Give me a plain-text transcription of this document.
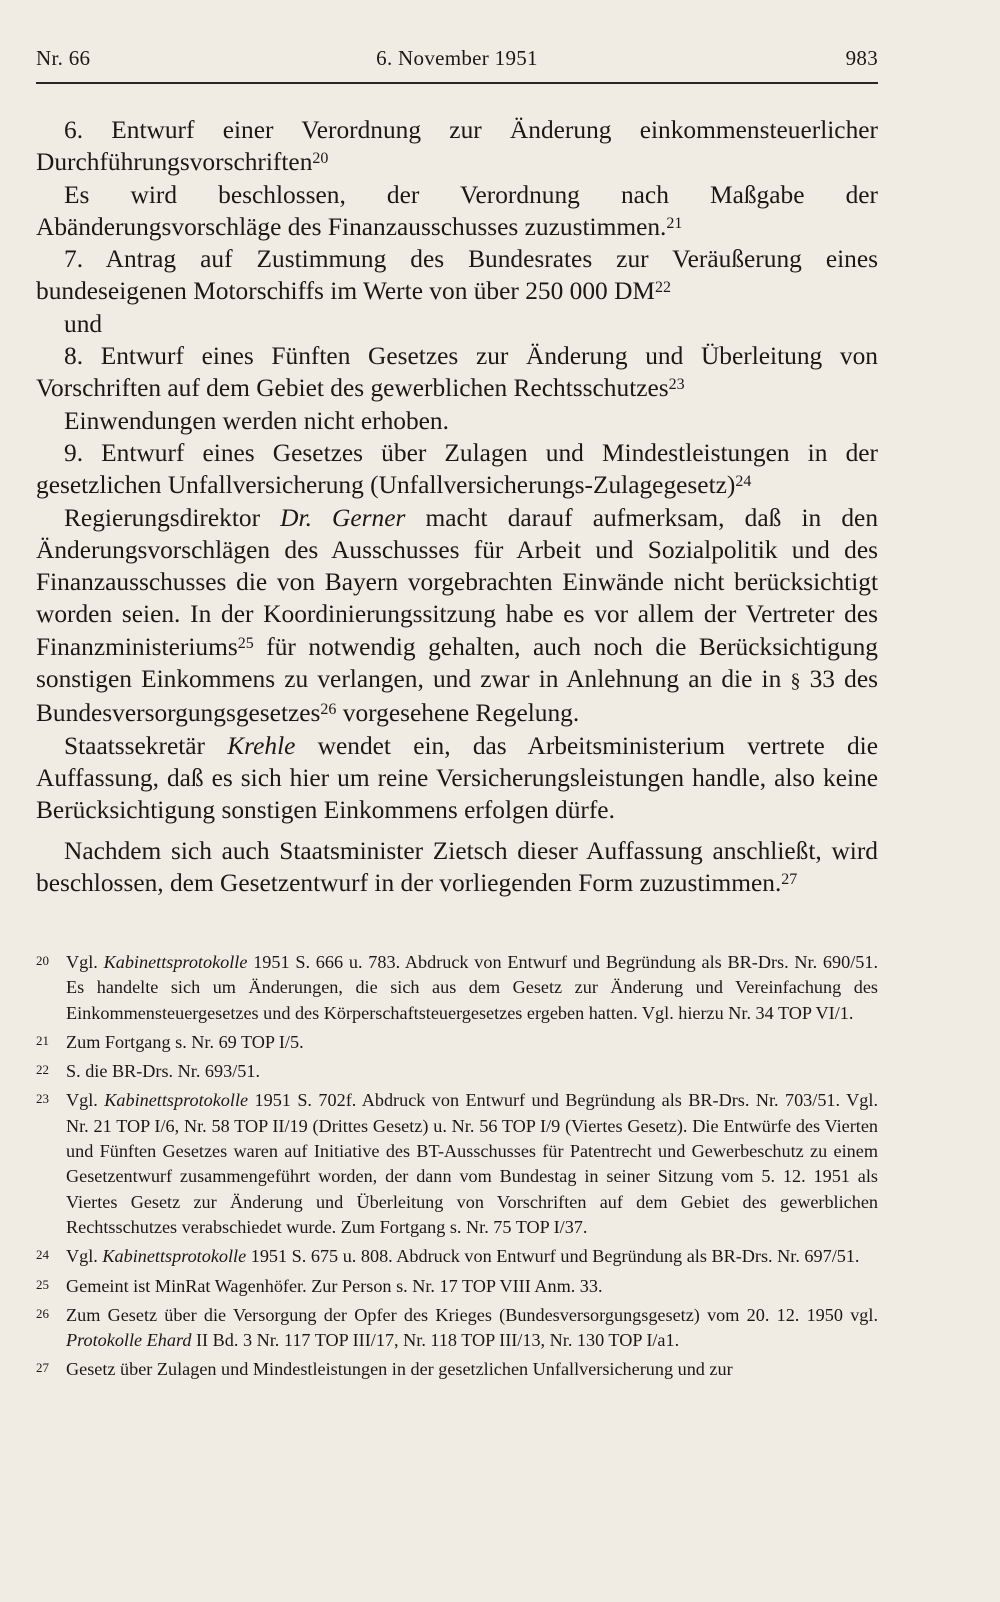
Nr. 66	6. November 1951	983

6. Entwurf einer Verordnung zur Änderung einkommensteuerlicher Durchführungsvorschriften$^{20}$

Es wird beschlossen, der Verordnung nach Maßgabe der Abänderungsvorschläge des Finanzausschusses zuzustimmen.$^{21}$

7. Antrag auf Zustimmung des Bundesrates zur Veräußerung eines bundeseigenen Motorschiffs im Werte von über 250 000 DM$^{22}$

und

8. Entwurf eines Fünften Gesetzes zur Änderung und Überleitung von Vorschriften auf dem Gebiet des gewerblichen Rechtsschutzes$^{23}$

Einwendungen werden nicht erhoben.

9. Entwurf eines Gesetzes über Zulagen und Mindestleistungen in der gesetzlichen Unfallversicherung (Unfallversicherungs-Zulagegesetz)$^{24}$

Regierungsdirektor Dr. Gerner macht darauf aufmerksam, daß in den Änderungsvorschlägen des Ausschusses für Arbeit und Sozialpolitik und des Finanzausschusses die von Bayern vorgebrachten Einwände nicht berücksichtigt worden seien. In der Koordinierungssitzung habe es vor allem der Vertreter des Finanzministeriums$^{25}$ für notwendig gehalten, auch noch die Berücksichtigung sonstigen Einkommens zu verlangen, und zwar in Anlehnung an die in § 33 des Bundesversorgungsgesetzes$^{26}$ vorgesehene Regelung.

Staatssekretär Krehle wendet ein, das Arbeitsministerium vertrete die Auffassung, daß es sich hier um reine Versicherungsleistungen handle, also keine Berücksichtigung sonstigen Einkommens erfolgen dürfe.

Nachdem sich auch Staatsminister Zietsch dieser Auffassung anschließt, wird beschlossen, dem Gesetzentwurf in der vorliegenden Form zuzustimmen.$^{27}$

20 Vgl. Kabinettsprotokolle 1951 S. 666 u. 783. Abdruck von Entwurf und Begründung als BR-Drs. Nr. 690/51. Es handelte sich um Änderungen, die sich aus dem Gesetz zur Änderung und Vereinfachung des Einkommensteuergesetzes und des Körperschaftsteuergesetzes ergeben hatten. Vgl. hierzu Nr. 34 TOP VI/1.
21 Zum Fortgang s. Nr. 69 TOP I/5.
22 S. die BR-Drs. Nr. 693/51.
23 Vgl. Kabinettsprotokolle 1951 S. 702f. Abdruck von Entwurf und Begründung als BR-Drs. Nr. 703/51. Vgl. Nr. 21 TOP I/6, Nr. 58 TOP II/19 (Drittes Gesetz) u. Nr. 56 TOP I/9 (Viertes Gesetz). Die Entwürfe des Vierten und Fünften Gesetzes waren auf Initiative des BT-Ausschusses für Patentrecht und Gewerbeschutz zu einem Gesetzentwurf zusammengeführt worden, der dann vom Bundestag in seiner Sitzung vom 5. 12. 1951 als Viertes Gesetz zur Änderung und Überleitung von Vorschriften auf dem Gebiet des gewerblichen Rechtsschutzes verabschiedet wurde. Zum Fortgang s. Nr. 75 TOP I/37.
24 Vgl. Kabinettsprotokolle 1951 S. 675 u. 808. Abdruck von Entwurf und Begründung als BR-Drs. Nr. 697/51.
25 Gemeint ist MinRat Wagenhöfer. Zur Person s. Nr. 17 TOP VIII Anm. 33.
26 Zum Gesetz über die Versorgung der Opfer des Krieges (Bundesversorgungsgesetz) vom 20. 12. 1950 vgl. Protokolle Ehard II Bd. 3 Nr. 117 TOP III/17, Nr. 118 TOP III/13, Nr. 130 TOP I/a1.
27 Gesetz über Zulagen und Mindestleistungen in der gesetzlichen Unfallversicherung und zur
